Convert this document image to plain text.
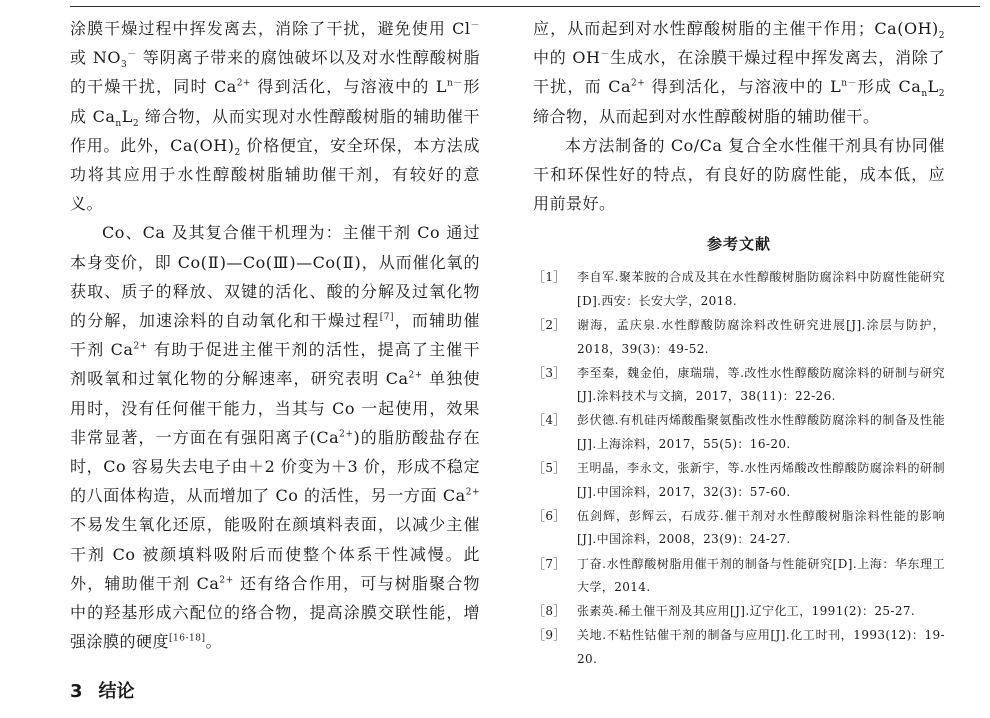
涂膜干燥过程中挥发离去，消除了干扰，避免使用 Cl－或 $NO_3^-$ 等阴离子带来的腐蚀破坏以及对水性醇酸树脂的干燥干扰，同时 $Ca^{2+}$ 得到活化，与溶液中的 $L^{n-}$形成 $Ca_nL_2$ 缔合物，从而实现对水性醇酸树脂的辅助催干作用。此外，$Ca(OH)_2$ 价格便宜，安全环保，本方法成功将其应用于水性醇酸树脂辅助催干剂，有较好的意义。

Co、Ca 及其复合催干机理为：主催干剂 Co 通过本身变价，即 Co(Ⅱ)—Co(Ⅲ)—Co(Ⅱ)，从而催化氧的获取、质子的释放、双键的活化、酸的分解及过氧化物的分解，加速涂料的自动氧化和干燥过程[7]，而辅助催干剂 $Ca^{2+}$ 有助于促进主催干剂的活性，提高了主催干剂吸氧和过氧化物的分解速率，研究表明 $Ca^{2+}$ 单独使用时，没有任何催干能力，当其与 Co 一起使用，效果非常显著，一方面在有强阳离子$(Ca^{2+})$的脂肪酸盐存在时，Co 容易失去电子由＋2 价变为＋3 价，形成不稳定的八面体构造，从而增加了 Co 的活性，另一方面 $Ca^{2+}$ 不易发生氧化还原，能吸附在颜填料表面，以减少主催干剂 Co 被颜填料吸附后而使整个体系干性减慢。此外，辅助催干剂 $Ca^{2+}$ 还有络合作用，可与树脂聚合物中的羟基形成六配位的络合物，提高涂膜交联性能，增强涂膜的硬度[16-18]。

3 结论

应，从而起到对水性醇酸树脂的主催干作用；$Ca(OH)_2$ 中的 OH－生成水，在涂膜干燥过程中挥发离去，消除了干扰，而 $Ca^{2+}$ 得到活化，与溶液中的 $L^{n-}$形成 $Ca_nL_2$ 缔合物，从而起到对水性醇酸树脂的辅助催干。

本方法制备的 Co/Ca 复合全水性催干剂具有协同催干和环保性好的特点，有良好的防腐性能，成本低，应用前景好。

参考文献
［1］ 李自军.聚苯胺的合成及其在水性醇酸树脂防腐涂料中防腐性能研究[D].西安：长安大学，2018.
［2］ 谢海，孟庆泉.水性醇酸防腐涂料改性研究进展[J].涂层与防护，2018，39(3)：49-52.
［3］ 李至秦，魏金伯，康瑞瑞，等.改性水性醇酸防腐涂料的研制与研究[J].涂料技术与文摘，2017，38(11)：22-26.
［4］ 彭伏德.有机硅丙烯酸酯聚氨酯改性水性醇酸防腐涂料的制备及性能[J].上海涂料，2017，55(5)：16-20.
［5］ 王明晶，李永文，张新宇，等.水性丙烯酸改性醇酸防腐涂料的研制[J].中国涂料，2017，32(3)：57-60.
［6］ 伍剑辉，彭辉云，石成芬.催干剂对水性醇酸树脂涂料性能的影响[J].中国涂料，2008，23(9)：24-27.
［7］ 丁奋.水性醇酸树脂用催干剂的制备与性能研究[D].上海：华东理工大学，2014.
［8］ 张素英.稀土催干剂及其应用[J].辽宁化工，1991(2)：25-27.
［9］ 关地.不粘性钴催干剂的制备与应用[J].化工时刊，1993(12)：19-20.
